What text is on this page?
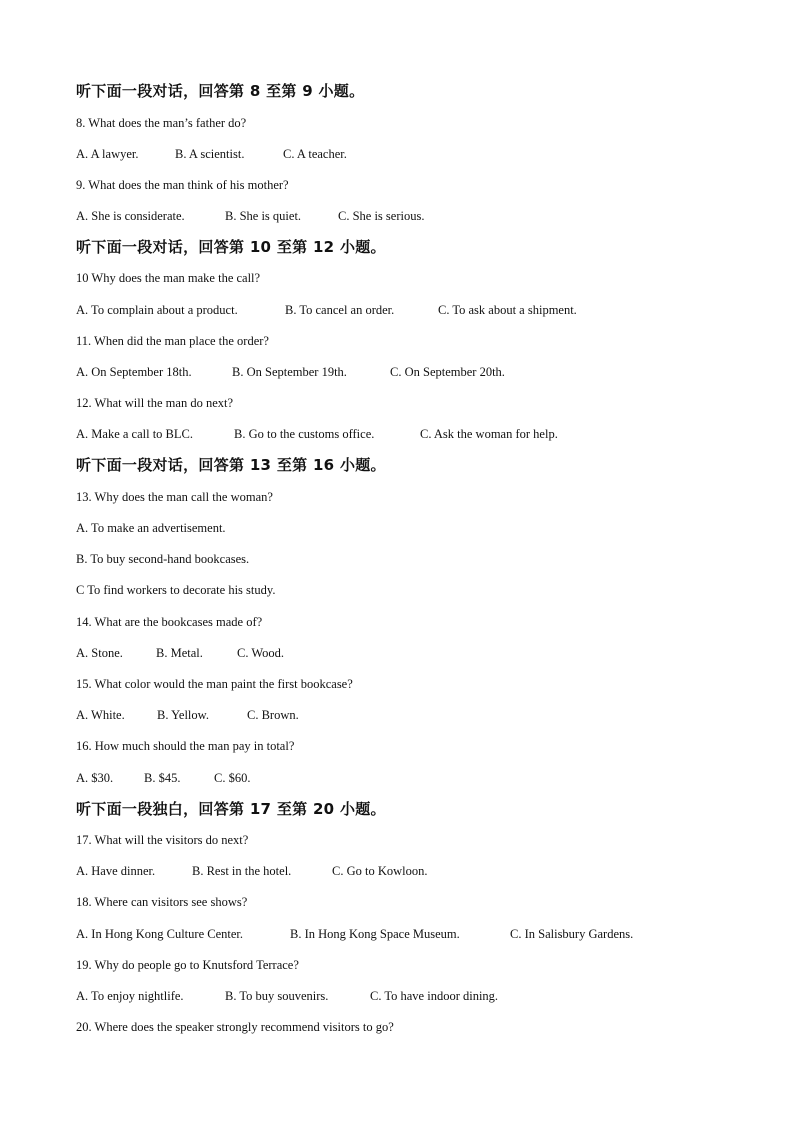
听下面一段对话，回答第 8 至第 9 小题。
8. What does the man’s father do?
A. A lawyer.	B. A scientist.	C. A teacher.
9. What does the man think of his mother?
A. She is considerate.	B. She is quiet.	C. She is serious.
听下面一段对话，回答第 10 至第 12 小题。
10 Why does the man make the call?
A. To complain about a product.	B. To cancel an order.	C. To ask about a shipment.
11. When did the man place the order?
A. On September 18th.	B. On September 19th.	C. On September 20th.
12. What will the man do next?
A. Make a call to BLC.	B. Go to the customs office.	C. Ask the woman for help.
听下面一段对话，回答第 13 至第 16 小题。
13. Why does the man call the woman?
A. To make an advertisement.
B. To buy second-hand bookcases.
C To find workers to decorate his study.
14. What are the bookcases made of?
A. Stone.	B. Metal.	C. Wood.
15. What color would the man paint the first bookcase?
A. White.	B. Yellow.	C. Brown.
16. How much should the man pay in total?
A. $30. B. $45.	C. $60.
听下面一段独白，回答第 17 至第 20 小题。
17. What will the visitors do next?
A. Have dinner.	B. Rest in the hotel.	C. Go to Kowloon.
18. Where can visitors see shows?
A. In Hong Kong Culture Center.	B. In Hong Kong Space Museum.	C. In Salisbury Gardens.
19. Why do people go to Knutsford Terrace?
A. To enjoy nightlife.	B. To buy souvenirs.	C. To have indoor dining.
20. Where does the speaker strongly recommend visitors to go?
